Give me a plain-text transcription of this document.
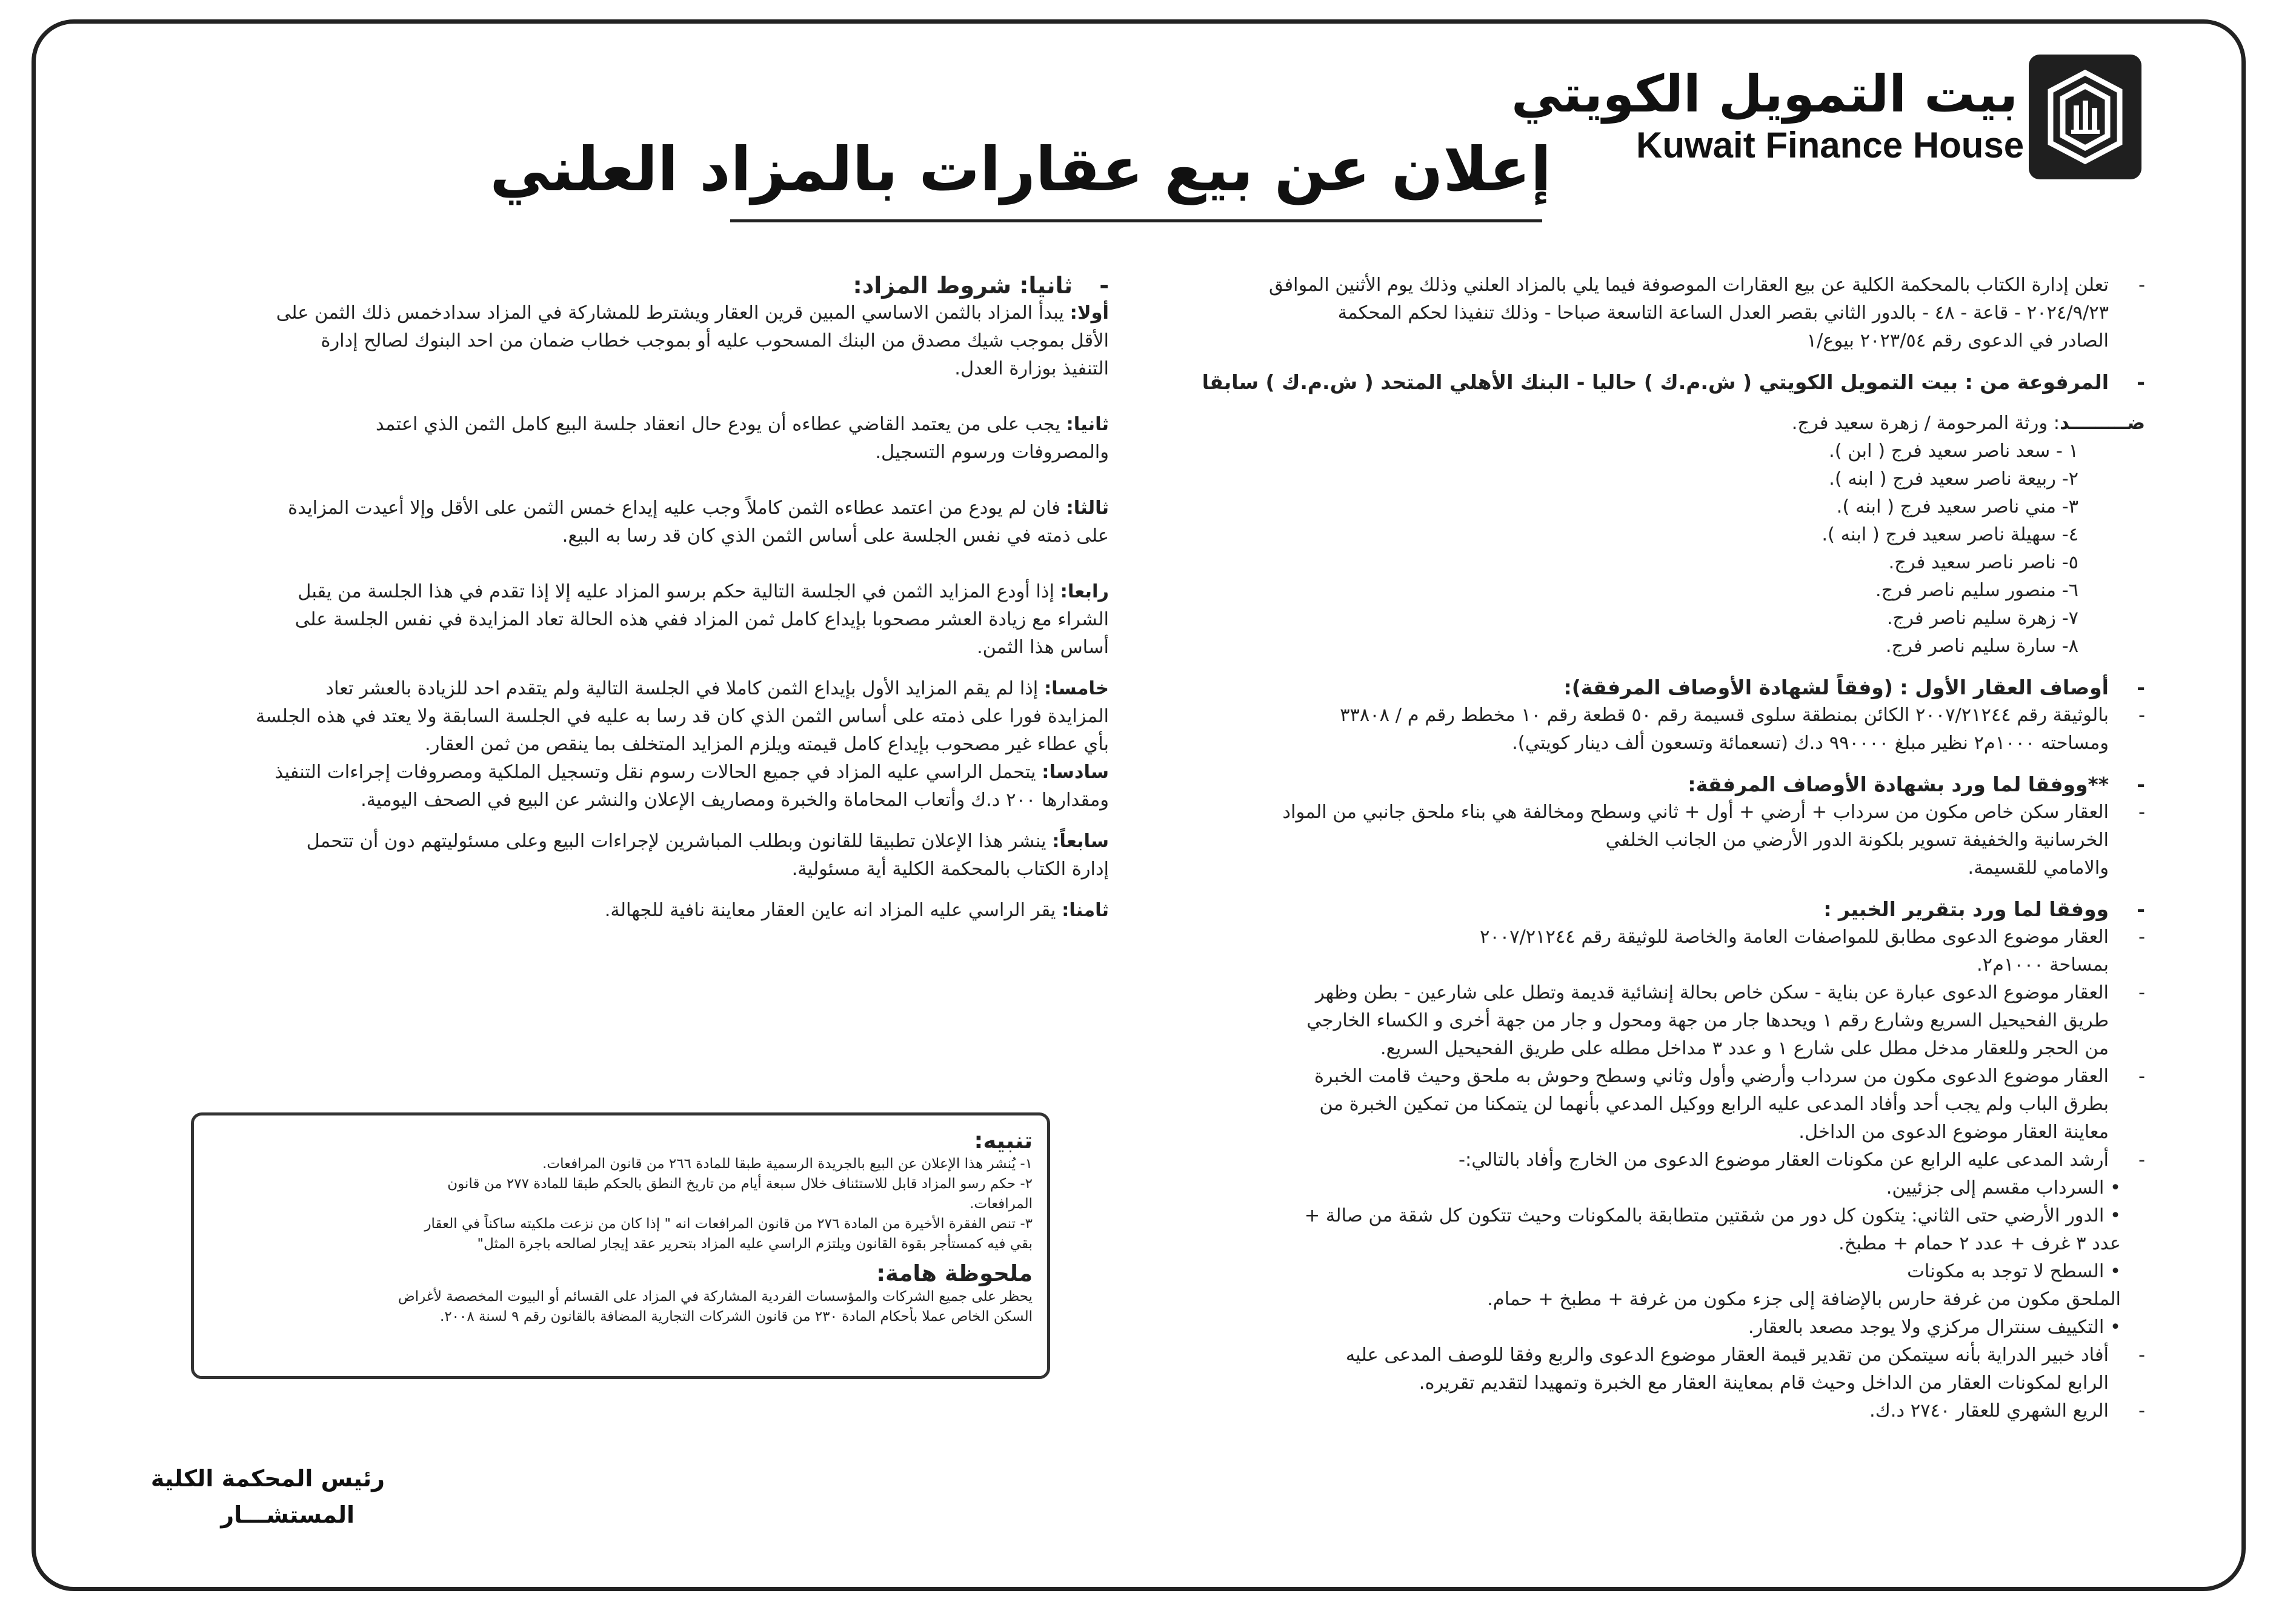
بيت التمويل الكويتي
Kuwait Finance House
إعلان عن بيع عقارات بالمزاد العلني

- تعلن إدارة الكتاب بالمحكمة الكلية عن بيع العقارات الموصوفة فيما يلي بالمزاد العلني وذلك يوم الأثنين الموافق

٢٠٢٤/٩/٢٣ - قاعة - ٤٨ - بالدور الثاني بقصر العدل الساعة التاسعة صباحا - وذلك تنفيذا لحكم المحكمة

الصادر في الدعوى رقم ٢٠٢٣/٥٤ بيوع/١

- المرفوعة من : بيت التمويل الكويتي ( ش.م.ك ) حاليا - البنك الأهلي المتحد ( ش.م.ك ) سابقا

ضـــــــــد: ورثة المرحومة / زهرة سعيد فرج.

١ - سعد ناصر سعيد فرج ( ابن ).

٢- ربيعة ناصر سعيد فرج ( ابنه ).

٣- مني ناصر سعيد فرج ( ابنه ).

٤- سهيلة ناصر سعيد فرج ( ابنه ).

٥- ناصر ناصر سعيد فرج.

٦- منصور سليم ناصر فرج.

٧- زهرة سليم ناصر فرج.

٨- سارة سليم ناصر فرج.

- أوصاف العقار الأول : (وفقاً لشهادة الأوصاف المرفقة):

- بالوثيقة رقم ٢٠٠٧/٢١٢٤٤ الكائن بمنطقة سلوى قسيمة رقم ٥٠ قطعة رقم ١٠ مخطط رقم م / ٣٣٨٠٨

ومساحته ١٠٠٠م٢ نظير مبلغ ٩٩٠٠٠٠ د.ك (تسعمائة وتسعون ألف دينار كويتي).

- **ووفقا لما ورد بشهادة الأوصاف المرفقة:

- العقار سكن خاص مكون من سرداب + أرضي + أول + ثاني وسطح ومخالفة هي بناء ملحق جانبي من المواد

الخرسانية والخفيفة تسوير بلكونة الدور الأرضي من الجانب الخلفي

والامامي للقسيمة.

- ووفقا لما ورد بتقرير الخبير :

- العقار موضوع الدعوى مطابق للمواصفات العامة والخاصة للوثيقة رقم ٢٠٠٧/٢١٢٤٤

بمساحة ١٠٠٠م٢.

- العقار موضوع الدعوى عبارة عن بناية - سكن خاص بحالة إنشائية قديمة وتطل على شارعين - بطن وظهر

طريق الفحيحيل السريع وشارع رقم ١ ويحدها جار من جهة ومحول و جار من جهة أخرى و الكساء الخارجي

من الحجر وللعقار مدخل مطل على شارع ١ و عدد ٣ مداخل مطله على طريق الفحيحيل السريع.

- العقار موضوع الدعوى مكون من سرداب وأرضي وأول وثاني وسطح وحوش به ملحق وحيث قامت الخبرة

بطرق الباب ولم يجب أحد وأفاد المدعى عليه الرابع ووكيل المدعي بأنهما لن يتمكنا من تمكين الخبرة من

معاينة العقار موضوع الدعوى من الداخل.

- أرشد المدعى عليه الرابع عن مكونات العقار موضوع الدعوى من الخارج وأفاد بالتالي:-

• السرداب مقسم إلى جزئيين.

• الدور الأرضي حتى الثاني: يتكون كل دور من شقتين متطابقة بالمكونات وحيث تتكون كل شقة من صالة +

عدد ٣ غرف + عدد ٢ حمام + مطبخ.

• السطح لا توجد به مكونات

الملحق مكون من غرفة حارس بالإضافة إلى جزء مكون من غرفة + مطبخ + حمام.

• التكييف سنترال مركزي ولا يوجد مصعد بالعقار.

- أفاد خبير الدراية بأنه سيتمكن من تقدير قيمة العقار موضوع الدعوى والربع وفقا للوصف المدعى عليه

الرابع لمكونات العقار من الداخل وحيث قام بمعاينة العقار مع الخبرة وتمهيدا لتقديم تقريره.

- الريع الشهري للعقار ٢٧٤٠ د.ك.

- ثانيا: شروط المزاد:

أولا: يبدأ المزاد بالثمن الاساسي المبين قرين العقار ويشترط للمشاركة في المزاد سدادخمس ذلك الثمن على

الأقل بموجب شيك مصدق من البنك المسحوب عليه أو بموجب خطاب ضمان من احد البنوك لصالح إدارة

التنفيذ بوزارة العدل.

ثانيا: يجب على من يعتمد القاضي عطاءه أن يودع حال انعقاد جلسة البيع كامل الثمن الذي اعتمد

والمصروفات ورسوم التسجيل.

ثالثا: فان لم يودع من اعتمد عطاءه الثمن كاملاً وجب عليه إيداع خمس الثمن على الأقل وإلا أعيدت المزايدة

على ذمته في نفس الجلسة على أساس الثمن الذي كان قد رسا به البيع.

رابعا: إذا أودع المزايد الثمن في الجلسة التالية حكم برسو المزاد عليه إلا إذا تقدم في هذا الجلسة من يقبل

الشراء مع زيادة العشر مصحوبا بإيداع كامل ثمن المزاد ففي هذه الحالة تعاد المزايدة في نفس الجلسة على

أساس هذا الثمن.

خامسا: إذا لم يقم المزايد الأول بإيداع الثمن كاملا في الجلسة التالية ولم يتقدم احد للزيادة بالعشر تعاد

المزايدة فورا على ذمته على أساس الثمن الذي كان قد رسا به عليه في الجلسة السابقة ولا يعتد في هذه الجلسة

بأي عطاء غير مصحوب بإيداع كامل قيمته ويلزم المزايد المتخلف بما ينقص من ثمن العقار.

سادسا: يتحمل الراسي عليه المزاد في جميع الحالات رسوم نقل وتسجيل الملكية ومصروفات إجراءات التنفيذ

ومقدارها ٢٠٠ د.ك وأتعاب المحاماة والخبرة ومصاريف الإعلان والنشر عن البيع في الصحف اليومية.

سابعاً: ينشر هذا الإعلان تطبيقا للقانون وبطلب المباشرين لإجراءات البيع وعلى مسئوليتهم دون أن تتحمل

إدارة الكتاب بالمحكمة الكلية أية مسئولية.

ثامنا: يقر الراسي عليه المزاد انه عاين العقار معاينة نافية للجهالة.

تنبيه:

١- يُنشر هذا الإعلان عن البيع بالجريدة الرسمية طبقا للمادة ٢٦٦ من قانون المرافعات.

٢- حكم رسو المزاد قابل للاستئناف خلال سبعة أيام من تاريخ النطق بالحكم طبقا للمادة ٢٧٧ من قانون

المرافعات.

٣- تنص الفقرة الأخيرة من المادة ٢٧٦ من قانون المرافعات انه " إذا كان من نزعت ملكيته ساكناً في العقار

بقي فيه كمستأجر بقوة القانون ويلتزم الراسي عليه المزاد بتحرير عقد إيجار لصالحه باجرة المثل"

ملحوظة هامة:

يحظر على جميع الشركات والمؤسسات الفردية المشاركة في المزاد على القسائم أو البيوت المخصصة لأغراض

السكن الخاص عملا بأحكام المادة ٢٣٠ من قانون الشركات التجارية المضافة بالقانون رقم ٩ لسنة ٢٠٠٨.

رئيس المحكمة الكلية
المستشـــار
